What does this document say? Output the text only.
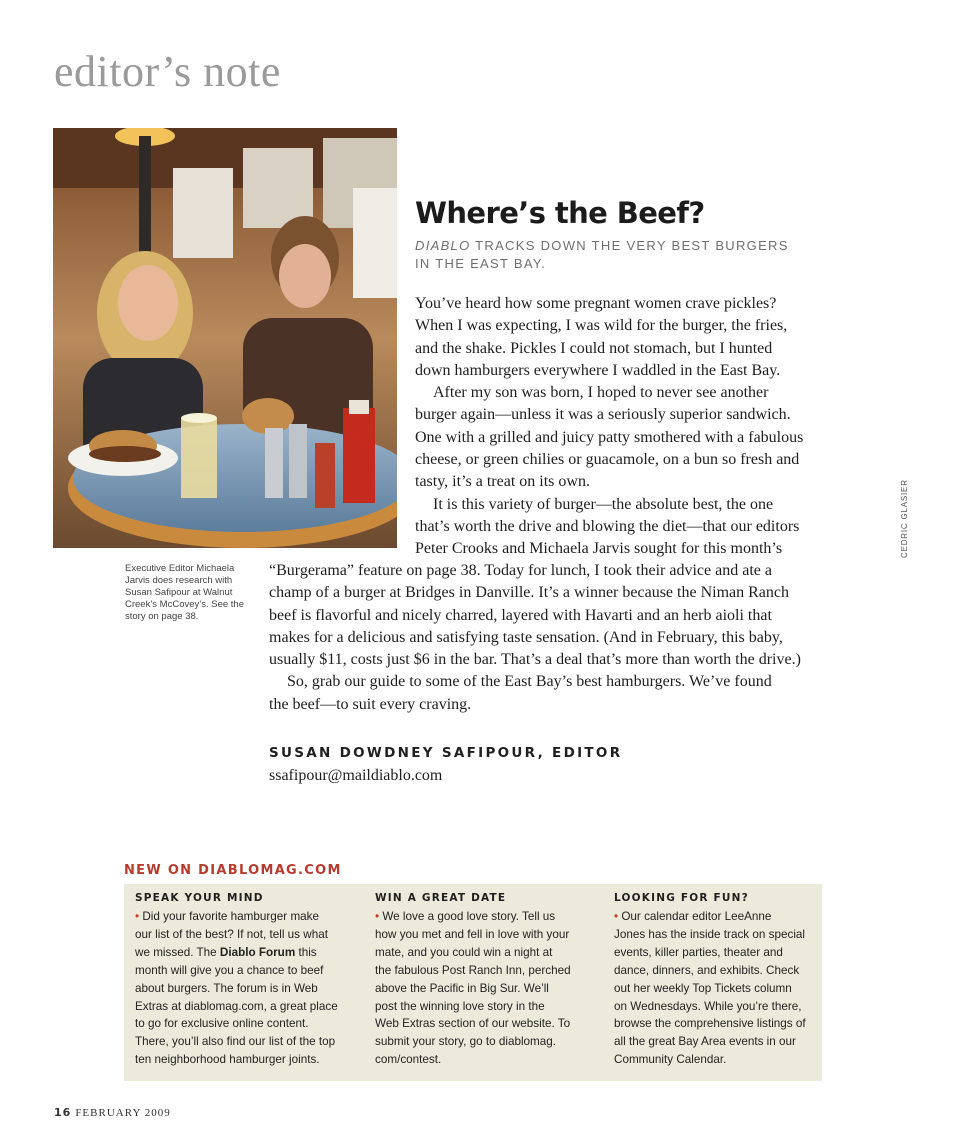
editor’s note
Executive Editor Michaela
Jarvis does research with
Susan Safipour at Walnut
Creek’s McCovey’s. See the
story on page 38.
Where’s the Beef?
DIABLO TRACKS DOWN THE VERY BEST BURGERS
IN THE EAST BAY.
You’ve heard how some pregnant women crave pickles?
When I was expecting, I was wild for the burger, the fries,
and the shake. Pickles I could not stomach, but I hunted
down hamburgers everywhere I waddled in the East Bay.
After my son was born, I hoped to never see another
burger again—unless it was a seriously superior sandwich.
One with a grilled and juicy patty smothered with a fabulous
cheese, or green chilies or guacamole, on a bun so fresh and
tasty, it’s a treat on its own.
It is this variety of burger—the absolute best, the one
that’s worth the drive and blowing the diet—that our editors
Peter Crooks and Michaela Jarvis sought for this month’s
“Burgerama” feature on page 38. Today for lunch, I took their advice and ate a
champ of a burger at Bridges in Danville. It’s a winner because the Niman Ranch
beef is flavorful and nicely charred, layered with Havarti and an herb aioli that
makes for a delicious and satisfying taste sensation. (And in February, this baby,
usually $11, costs just $6 in the bar. That’s a deal that’s more than worth the drive.)
So, grab our guide to some of the East Bay’s best hamburgers. We’ve found
the beef—to suit every craving.
SUSAN DOWDNEY SAFIPOUR, EDITOR
ssafipour@maildiablo.com
CEDRIC GLASIER
NEW ON DIABLOMAG.COM
SPEAK YOUR MIND
• Did your favorite hamburger make
our list of the best? If not, tell us what
we missed. The Diablo Forum this
month will give you a chance to beef
about burgers. The forum is in Web
Extras at diablomag.com, a great place
to go for exclusive online content.
There, you’ll also find our list of the top
ten neighborhood hamburger joints.
WIN A GREAT DATE
• We love a good love story. Tell us
how you met and fell in love with your
mate, and you could win a night at
the fabulous Post Ranch Inn, perched
above the Pacific in Big Sur. We’ll
post the winning love story in the
Web Extras section of our website. To
submit your story, go to diablomag.
com/contest.
LOOKING FOR FUN?
• Our calendar editor LeeAnne
Jones has the inside track on special
events, killer parties, theater and
dance, dinners, and exhibits. Check
out her weekly Top Tickets column
on Wednesdays. While you’re there,
browse the comprehensive listings of
all the great Bay Area events in our
Community Calendar.
16 FEBRUARY 2009
